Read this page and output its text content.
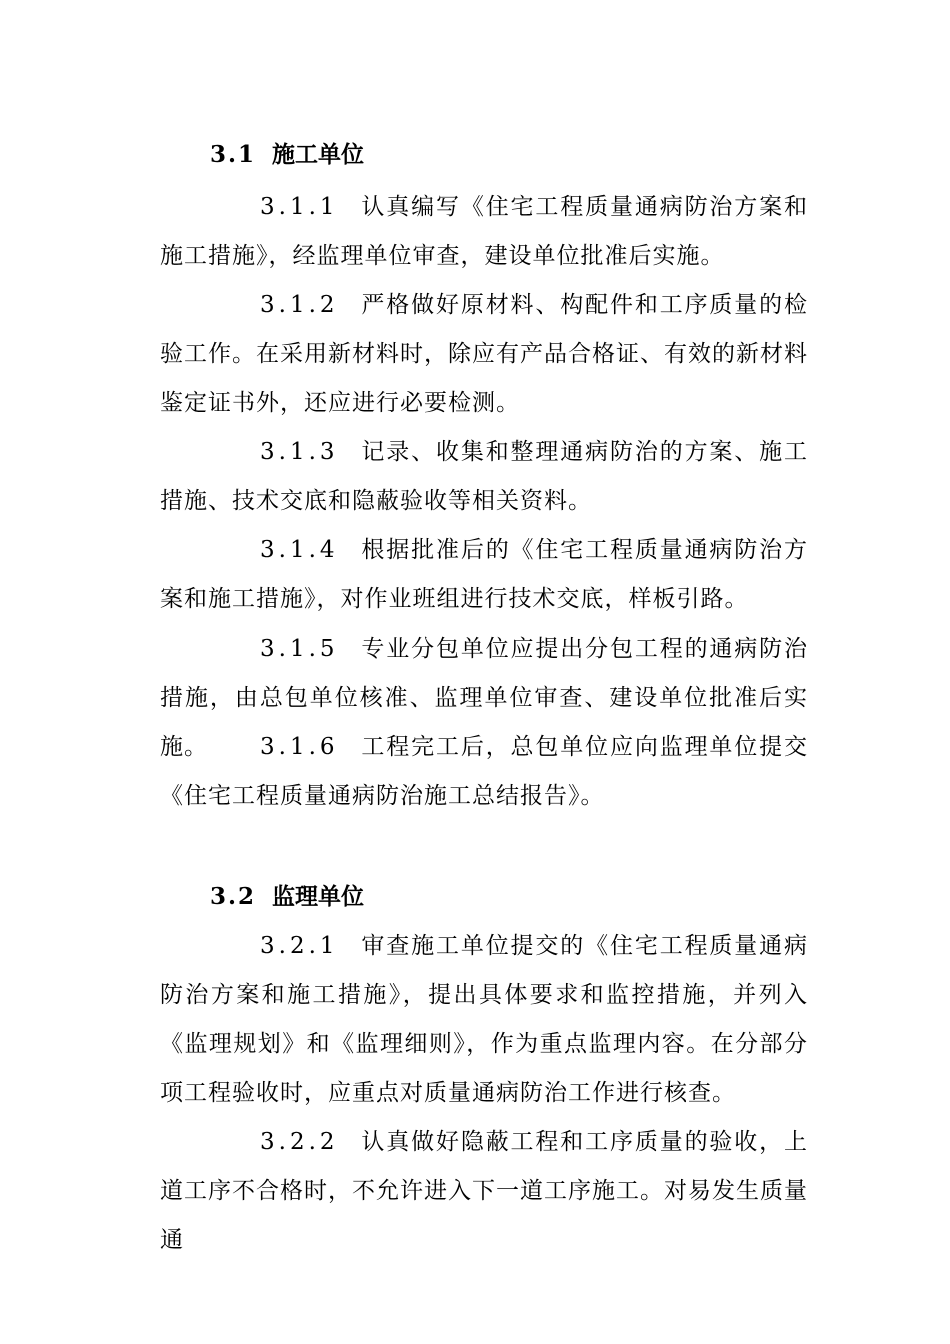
3.1 施工单位
3.1.1 认真编写《住宅工程质量通病防治方案和施工措施》，经监理单位审查，建设单位批准后实施。
3.1.2 严格做好原材料、构配件和工序质量的检验工作。在采用新材料时，除应有产品合格证、有效的新材料鉴定证书外，还应进行必要检测。
3.1.3 记录、收集和整理通病防治的方案、施工措施、技术交底和隐蔽验收等相关资料。
3.1.4 根据批准后的《住宅工程质量通病防治方案和施工措施》，对作业班组进行技术交底，样板引路。
3.1.5 专业分包单位应提出分包工程的通病防治措施，由总包单位核准、监理单位审查、建设单位批准后实施。	3.1.6 工程完工后，总包单位应向监理单位提交《住宅工程质量通病防治施工总结报告》。
3.2 监理单位
3.2.1 审查施工单位提交的《住宅工程质量通病防治方案和施工措施》，提出具体要求和监控措施，并列入《监理规划》和《监理细则》，作为重点监理内容。在分部分项工程验收时，应重点对质量通病防治工作进行核查。
3.2.2 认真做好隐蔽工程和工序质量的验收，上道工序不合格时，不允许进入下一道工序施工。对易发生质量通
